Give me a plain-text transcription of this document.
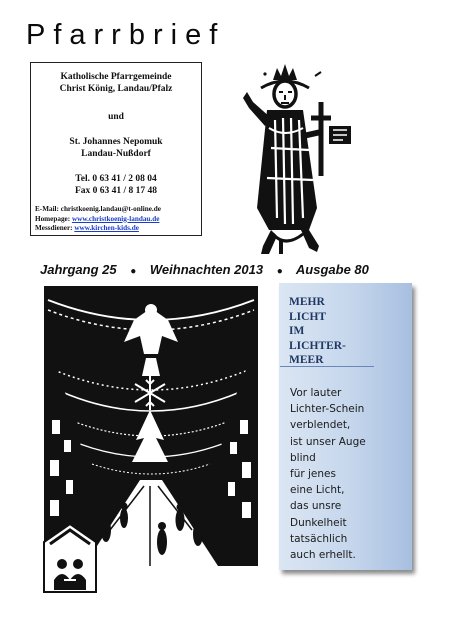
Pfarrbrief
Katholische Pfarrgemeinde
Christ König, Landau/Pfalz
und
St. Johannes Nepomuk
Landau-Nußdorf
Tel. 0 63 41 / 2 08 04
Fax 0 63 41 / 8 17 48
E-Mail: christkoenig.landau@t-online.de
Homepage: www.christkoenig-landau.de
Messdiener: www.kirchen-kids.de
Jahrgang 25 ● Weihnachten 2013 ● Ausgabe 80
MEHR
LICHT
IM
LICHTER-
MEER
Vor lauter
Lichter-Schein
verblendet,
ist unser Auge
blind
für jenes
eine Licht,
das unsre
Dunkelheit
tatsächlich
auch erhellt.
